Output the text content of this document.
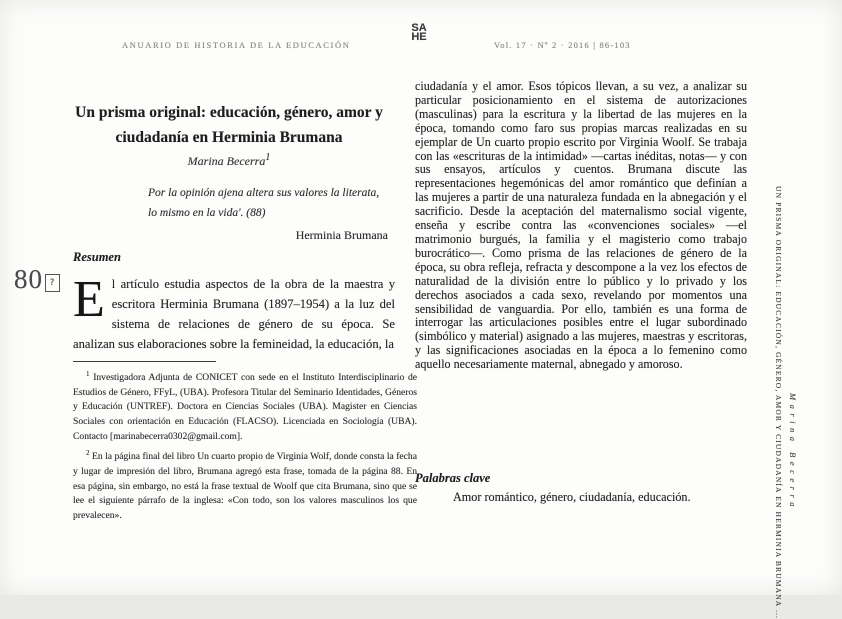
ANUARIO DE HISTORIA DE LA EDUCACIÓN
SA
HE
Vol. 17 · Nº 2 · 2016 | 86-103
80 ?
Un prisma original: educación, género, amor y
ciudadanía en Herminia Brumana
Marina Becerra$^1$
Por la opinión ajena altera sus valores la literata, lo mismo en la vida'. (88)
Herminia Brumana
Resumen
El artículo estudia aspectos de la obra de la maestra y escritora Herminia Brumana (1897–1954) a la luz del sistema de relaciones de género de su época. Se analizan sus elaboraciones sobre la femineidad, la educación, la

$^1$ Investigadora Adjunta de CONICET con sede en el Instituto Interdisciplinario de Estudios de Género, FFyL, (UBA). Profesora Titular del Seminario Identidades, Géneros y Educación (UNTREF). Doctora en Ciencias Sociales (UBA). Magister en Ciencias Sociales con orientación en Educación (FLACSO). Licenciada en Sociología (UBA). Contacto [marinabecerra0302@gmail.com].

$^2$ En la página final del libro Un cuarto propio de Virginia Wolf, donde consta la fecha y lugar de impresión del libro, Brumana agregó esta frase, tomada de la página 88. En esa página, sin embargo, no está la frase textual de Woolf que cita Brumana, sino que se lee el siguiente párrafo de la inglesa: «Con todo, son los valores masculinos los que prevalecen».

ciudadanía y el amor. Esos tópicos llevan, a su vez, a analizar su particular posicionamiento en el sistema de autorizaciones (masculinas) para la escritura y la libertad de las mujeres en la época, tomando como faro sus propias marcas realizadas en su ejemplar de Un cuarto propio escrito por Virginia Woolf. Se trabaja con las «escrituras de la intimidad» —cartas inéditas, notas— y con sus ensayos, artículos y cuentos. Brumana discute las representaciones hegemónicas del amor romántico que definían a las mujeres a partir de una naturaleza fundada en la abnegación y el sacrificio. Desde la aceptación del maternalismo social vigente, enseña y escribe contra las «convenciones sociales» —el matrimonio burgués, la familia y el magisterio como trabajo burocrático—. Como prisma de las relaciones de género de la época, su obra refleja, refracta y descompone a la vez los efectos de naturalidad de la división entre lo público y lo privado y los derechos asociados a cada sexo, revelando por momentos una sensibilidad de vanguardia. Por ello, también es una forma de interrogar las articulaciones posibles entre el lugar subordinado (simbólico y material) asignado a las mujeres, maestras y escritoras, y las significaciones asociadas en la época a lo femenino como aquello necesariamente maternal, abnegado y amoroso.
Palabras clave
Amor romántico, género, ciudadanía, educación.	UN PRISMA ORIGINAL: EDUCACIÓN, GÉNERO, AMOR Y CIUDADANÍA EN HERMINIA BRUMANA ... Marina Becerra
